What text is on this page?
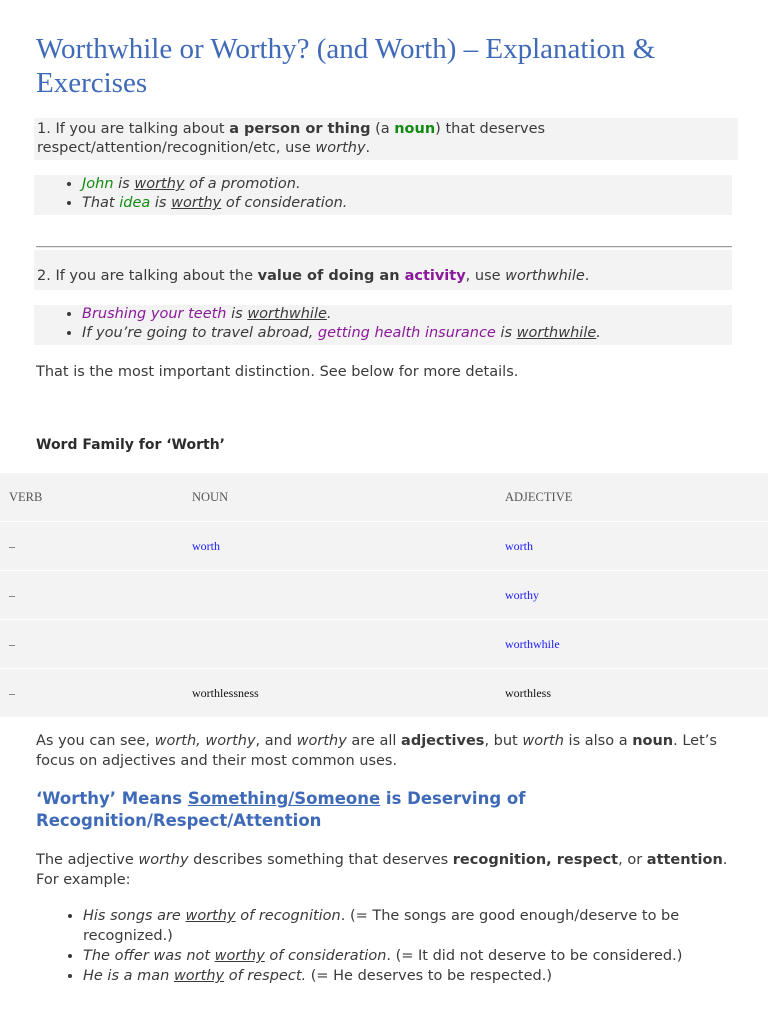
Worthwhile or Worthy? (and Worth) – Explanation & Exercises
1. If you are talking about a person or thing (a noun) that deserves respect/attention/recognition/etc, use worthy.
• John is worthy of a promotion.
• That idea is worthy of consideration.
2. If you are talking about the value of doing an activity, use worthwhile.
• Brushing your teeth is worthwhile.
• If you’re going to travel abroad, getting health insurance is worthwhile.
That is the most important distinction. See below for more details.
Word Family for ‘Worth’
VERB	NOUN	ADJECTIVE
–	worth	worth
–		worthy
–		worthwhile
–	worthlessness	worthless
As you can see, worth, worthy, and worthy are all adjectives, but worth is also a noun. Let’s focus on adjectives and their most common uses.
‘Worthy’ Means Something/Someone is Deserving of Recognition/Respect/Attention
The adjective worthy describes something that deserves recognition, respect, or attention. For example:
• His songs are worthy of recognition. (= The songs are good enough/deserve to be recognized.)
• The offer was not worthy of consideration. (= It did not deserve to be considered.)
• He is a man worthy of respect. (= He deserves to be respected.)
